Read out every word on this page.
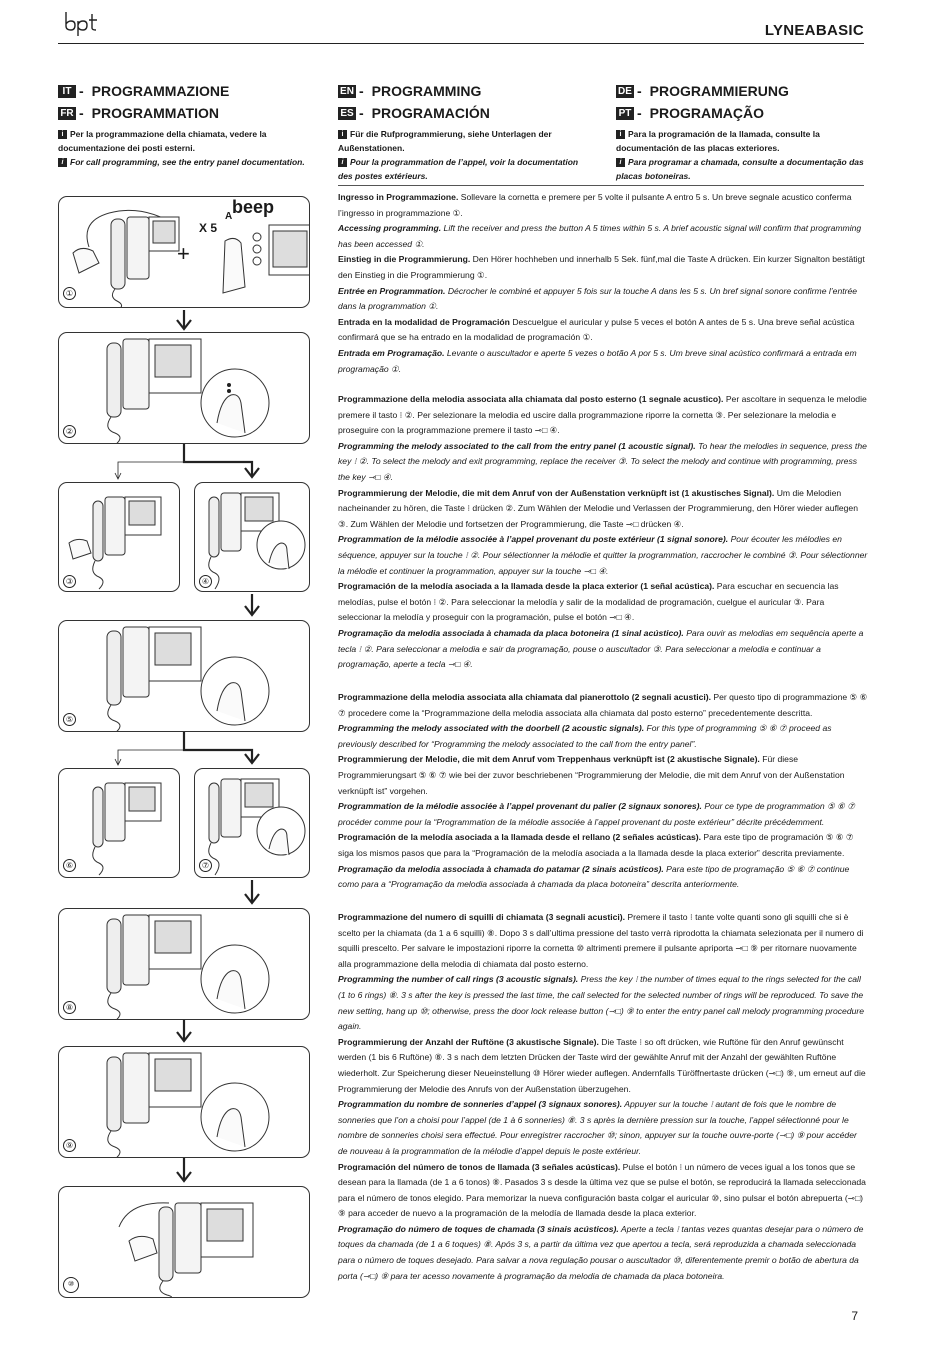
LYNEABASIC
IT - PROGRAMMAZIONE
FR - PROGRAMMATION

i Per la programmazione della chiamata, vedere la documentazione dei posti esterni.

i For call programming, see the entry panel documentation.

EN - PROGRAMMING
ES - PROGRAMACIÓN

i Für die Rufprogrammierung, siehe Unterlagen der Außenstationen.

i Pour la programmation de l’appel, voir la documentation des postes extérieurs.

DE - PROGRAMMIERUNG
PT - PROGRAMAÇÃO

i Para la programación de la llamada, consulte la documentación de las placas exteriores.

i Para programar a chamada, consulte a documentação das placas botoneiras.

beep
X 5
A
+
①
②
③	④
⑤
⑥	⑦
⑧
⑨
⑩

Ingresso in Programmazione. Sollevare la cornetta e premere per 5 volte il pulsante A entro 5 s. Un breve segnale acustico conferma l’ingresso in programmazione ①.

Accessing programming. Lift the receiver and press the button A 5 times within 5 s. A brief acoustic signal will confirm that programming has been accessed ①.

Einstieg in die Programmierung. Den Hörer hochheben und innerhalb 5 Sek. fünf,mal die Taste A drücken. Ein kurzer Signalton bestätigt den Einstieg in die Programmierung ①.

Entrée en Programmation. Décrocher le combiné et appuyer 5 fois sur la touche A dans les 5 s. Un bref signal sonore confirme l’entrée dans la programmation ①.

Entrada en la modalidad de Programación Descuelgue el auricular y pulse 5 veces el botón A antes de 5 s. Una breve señal acústica confirmará que se ha entrado en la modalidad de programación ①.

Entrada em Programação. Levante o auscultador e aperte 5 vezes o botão A por 5 s. Um breve sinal acústico confirmará a entrada em programação ①.

Programmazione della melodia associata alla chiamata dal posto esterno (1 segnale acustico). Per ascoltare in sequenza le melodie premere il tasto ⁝ ②. Per selezionare la melodia ed uscire dalla programmazione riporre la cornetta ③. Per selezionare la melodia e proseguire con la programmazione premere il tasto ⊸□ ④.

Programming the melody associated to the call from the entry panel (1 acoustic signal). To hear the melodies in sequence, press the key ⁝ ②. To select the melody and exit programming, replace the receiver ③. To select the melody and continue with programming, press the key ⊸□ ④.

Programmierung der Melodie, die mit dem Anruf von der Außenstation verknüpft ist (1 akustisches Signal). Um die Melodien nacheinander zu hören, die Taste ⁝ drücken ②. Zum Wählen der Melodie und Verlassen der Programmierung, den Hörer wieder auflegen ③. Zum Wählen der Melodie und fortsetzen der Programmierung, die Taste ⊸□ drücken ④.

Programmation de la mélodie associée à l’appel provenant du poste extérieur (1 signal sonore). Pour écouter les mélodies en séquence, appuyer sur la touche ⁝ ②. Pour sélectionner la mélodie et quitter la programmation, raccrocher le combiné ③. Pour sélectionner la mélodie et continuer la programmation, appuyer sur la touche ⊸□ ④.

Programación de la melodía asociada a la llamada desde la placa exterior (1 señal acústica). Para escuchar en secuencia las melodías, pulse el botón ⁝ ②. Para seleccionar la melodía y salir de la modalidad de programación, cuelgue el auricular ③. Para seleccionar la melodía y proseguir con la programación, pulse el botón ⊸□ ④.

Programação da melodia associada à chamada da placa botoneira (1 sinal acústico). Para ouvir as melodias em sequência aperte a tecla ⁝ ②. Para seleccionar a melodia e sair da programação, pouse o auscultador ③. Para seleccionar a melodia e continuar a programação, aperte a tecla ⊸□ ④.

Programmazione della melodia associata alla chiamata dal pianerottolo (2 segnali acustici). Per questo tipo di programmazione ⑤ ⑥ ⑦ procedere come la “Programmazione della melodia associata alla chiamata dal posto esterno” precedentemente descritta.

Programming the melody associated with the doorbell (2 acoustic signals). For this type of programming ⑤ ⑥ ⑦ proceed as previously described for “Programming the melody associated to the call from the entry panel”.

Programmierung der Melodie, die mit dem Anruf vom Treppenhaus verknüpft ist (2 akustische Signale). Für diese Programmierungsart ⑤ ⑥ ⑦ wie bei der zuvor beschriebenen “Programmierung der Melodie, die mit dem Anruf von der Außenstation verknüpft ist” vorgehen.

Programmation de la mélodie associée à l’appel provenant du palier (2 signaux sonores). Pour ce type de programmation ⑤ ⑥ ⑦ procéder comme pour la “Programmation de la mélodie associée à l’appel provenant du poste extérieur” décrite précédemment.

Programación de la melodía asociada a la llamada desde el rellano (2 señales acústicas). Para este tipo de programación ⑤ ⑥ ⑦ siga los mismos pasos que para la “Programación de la melodía asociada a la llamada desde la placa exterior” descrita previamente.

Programação da melodia associada à chamada do patamar (2 sinais acústicos). Para este tipo de programação ⑤ ⑥ ⑦ continue como para a “Programação da melodia associada à chamada da placa botoneira” descrita anteriormente.

Programmazione del numero di squilli di chiamata (3 segnali acustici). Premere il tasto ⁝ tante volte quanti sono gli squilli che si è scelto per la chiamata (da 1 a 6 squilli) ⑧. Dopo 3 s dall’ultima pressione del tasto verrà riprodotta la chiamata selezionata per il numero di squilli prescelto. Per salvare le impostazioni riporre la cornetta ⑩ altrimenti premere il pulsante apriporta ⊸□ ⑨ per ritornare nuovamente alla programmazione della melodia di chiamata dal posto esterno.

Programming the number of call rings (3 acoustic signals). Press the key ⁝ the number of times equal to the rings selected for the call (1 to 6 rings) ⑧. 3 s after the key is pressed the last time, the call selected for the selected number of rings will be reproduced. To save the new setting, hang up ⑩; otherwise, press the door lock release button (⊸□) ⑨ to enter the entry panel call melody programming procedure again.

Programmierung der Anzahl der Ruftöne (3 akustische Signale). Die Taste ⁝ so oft drücken, wie Ruftöne für den Anruf gewünscht werden (1 bis 6 Ruftöne) ⑧. 3 s nach dem letzten Drücken der Taste wird der gewählte Anruf mit der Anzahl der gewählten Ruftöne wiederholt. Zur Speicherung dieser Neueinstellung ⑩ Hörer wieder auflegen. Andernfalls Türöffnertaste drücken (⊸□) ⑨, um erneut auf die Programmierung der Melodie des Anrufs von der Außenstation überzugehen.

Programmation du nombre de sonneries d’appel (3 signaux sonores). Appuyer sur la touche ⁝ autant de fois que le nombre de sonneries que l’on a choisi pour l’appel (de 1 à 6 sonneries) ⑧. 3 s après la dernière pression sur la touche, l’appel sélectionné pour le nombre de sonneries choisi sera effectué. Pour enregistrer raccrocher ⑩; sinon, appuyer sur la touche ouvre-porte (⊸□) ⑨ pour accéder de nouveau à la programmation de la mélodie d’appel depuis le poste extérieur.

Programación del número de tonos de llamada (3 señales acústicas). Pulse el botón ⁝ un número de veces igual a los tonos que se desean para la llamada (de 1 a 6 tonos) ⑧. Pasados 3 s desde la última vez que se pulse el botón, se reproducirá la llamada seleccionada para el número de tonos elegido. Para memorizar la nueva configuración basta colgar el auricular ⑩, sino pulsar el botón abrepuerta (⊸□) ⑨ para acceder de nuevo a la programación de la melodía de llamada desde la placa exterior.

Programação do número de toques de chamada (3 sinais acústicos). Aperte a tecla ⁝ tantas vezes quantas desejar para o número de toques da chamada (de 1 a 6 toques) ⑧. Após 3 s, a partir da última vez que apertou a tecla, será reproduzida a chamada seleccionada para o número de toques desejado. Para salvar a nova regulação pousar o auscultador ⑩, diferentemente premir o botão de abertura da porta (⊸□) ⑨ para ter acesso novamente à programação da melodia de chamada da placa botoneira.

7
